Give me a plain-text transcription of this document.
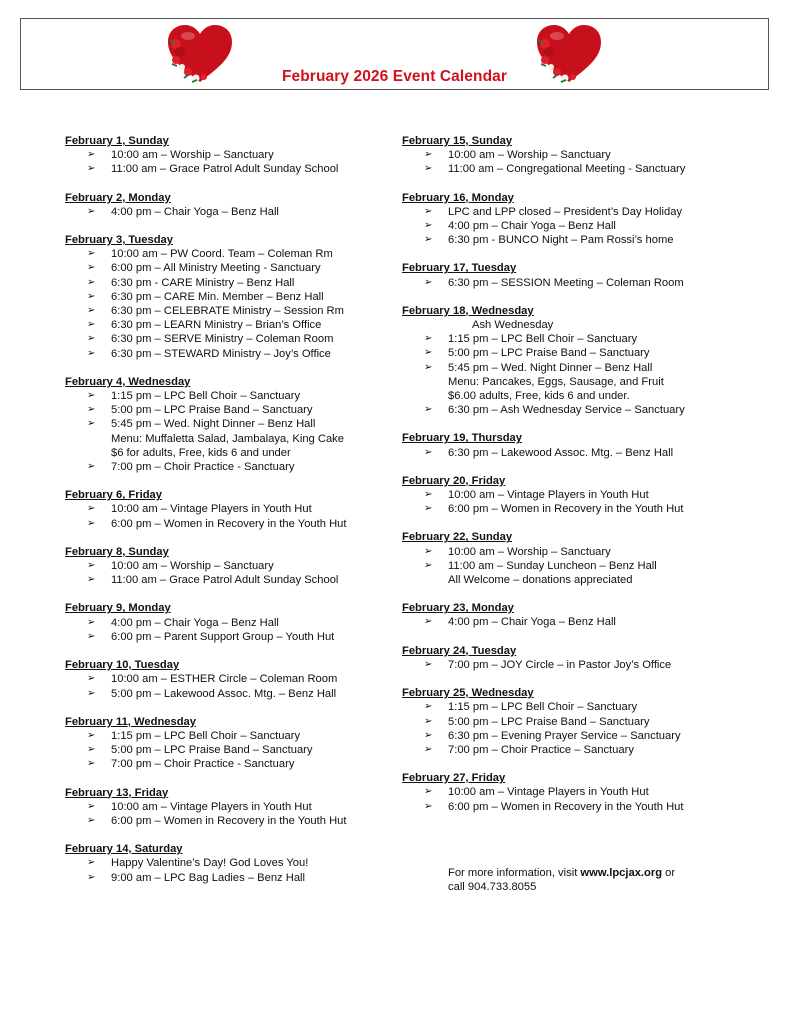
February 2026 Event Calendar
February 1, Sunday
➢ 10:00 am – Worship – Sanctuary
➢ 11:00 am – Grace Patrol Adult Sunday School
February 2, Monday
➢ 4:00 pm – Chair Yoga – Benz Hall
February 3, Tuesday
➢ 10:00 am – PW Coord. Team – Coleman Rm
➢ 6:00 pm – All Ministry Meeting - Sanctuary
➢ 6:30 pm - CARE Ministry – Benz Hall
➢ 6:30 pm – CARE Min. Member – Benz Hall
➢ 6:30 pm – CELEBRATE Ministry – Session Rm
➢ 6:30 pm – LEARN Ministry – Brian’s Office
➢ 6:30 pm – SERVE Ministry – Coleman Room
➢ 6:30 pm – STEWARD Ministry – Joy’s Office
February 4, Wednesday
➢ 1:15 pm – LPC Bell Choir – Sanctuary
➢ 5:00 pm – LPC Praise Band – Sanctuary
➢ 5:45 pm – Wed. Night Dinner – Benz Hall
Menu: Muffaletta Salad, Jambalaya, King Cake
$6 for adults, Free, kids 6 and under
➢ 7:00 pm – Choir Practice - Sanctuary
February 6, Friday
➢ 10:00 am – Vintage Players in Youth Hut
➢ 6:00 pm – Women in Recovery in the Youth Hut
February 8, Sunday
➢ 10:00 am – Worship – Sanctuary
➢ 11:00 am – Grace Patrol Adult Sunday School
February 9, Monday
➢ 4:00 pm – Chair Yoga – Benz Hall
➢ 6:00 pm – Parent Support Group – Youth Hut
February 10, Tuesday
➢ 10:00 am – ESTHER Circle – Coleman Room
➢ 5:00 pm – Lakewood Assoc. Mtg. – Benz Hall
February 11, Wednesday
➢ 1:15 pm – LPC Bell Choir – Sanctuary
➢ 5:00 pm – LPC Praise Band – Sanctuary
➢ 7:00 pm – Choir Practice - Sanctuary
February 13, Friday
➢ 10:00 am – Vintage Players in Youth Hut
➢ 6:00 pm – Women in Recovery in the Youth Hut
February 14, Saturday
➢ Happy Valentine’s Day! God Loves You!
➢ 9:00 am – LPC Bag Ladies – Benz Hall
February 15, Sunday
➢ 10:00 am – Worship – Sanctuary
➢ 11:00 am – Congregational Meeting - Sanctuary
February 16, Monday
➢ LPC and LPP closed – President’s Day Holiday
➢ 4:00 pm – Chair Yoga – Benz Hall
➢ 6:30 pm - BUNCO Night – Pam Rossi’s home
February 17, Tuesday
➢ 6:30 pm – SESSION Meeting – Coleman Room
February 18, Wednesday
Ash Wednesday
➢ 1:15 pm – LPC Bell Choir – Sanctuary
➢ 5:00 pm – LPC Praise Band – Sanctuary
➢ 5:45 pm – Wed. Night Dinner – Benz Hall
Menu: Pancakes, Eggs, Sausage, and Fruit
$6.00 adults, Free, kids 6 and under.
➢ 6:30 pm – Ash Wednesday Service – Sanctuary
February 19, Thursday
➢ 6:30 pm – Lakewood Assoc. Mtg. – Benz Hall
February 20, Friday
➢ 10:00 am – Vintage Players in Youth Hut
➢ 6:00 pm – Women in Recovery in the Youth Hut
February 22, Sunday
➢ 10:00 am – Worship – Sanctuary
➢ 11:00 am – Sunday Luncheon – Benz Hall
All Welcome – donations appreciated
February 23, Monday
➢ 4:00 pm – Chair Yoga – Benz Hall
February 24, Tuesday
➢ 7:00 pm – JOY Circle – in Pastor Joy’s Office
February 25, Wednesday
➢ 1:15 pm – LPC Bell Choir – Sanctuary
➢ 5:00 pm – LPC Praise Band – Sanctuary
➢ 6:30 pm – Evening Prayer Service – Sanctuary
➢ 7:00 pm – Choir Practice – Sanctuary
February 27, Friday
➢ 10:00 am – Vintage Players in Youth Hut
➢ 6:00 pm – Women in Recovery in the Youth Hut
For more information, visit www.lpcjax.org or
call 904.733.8055
